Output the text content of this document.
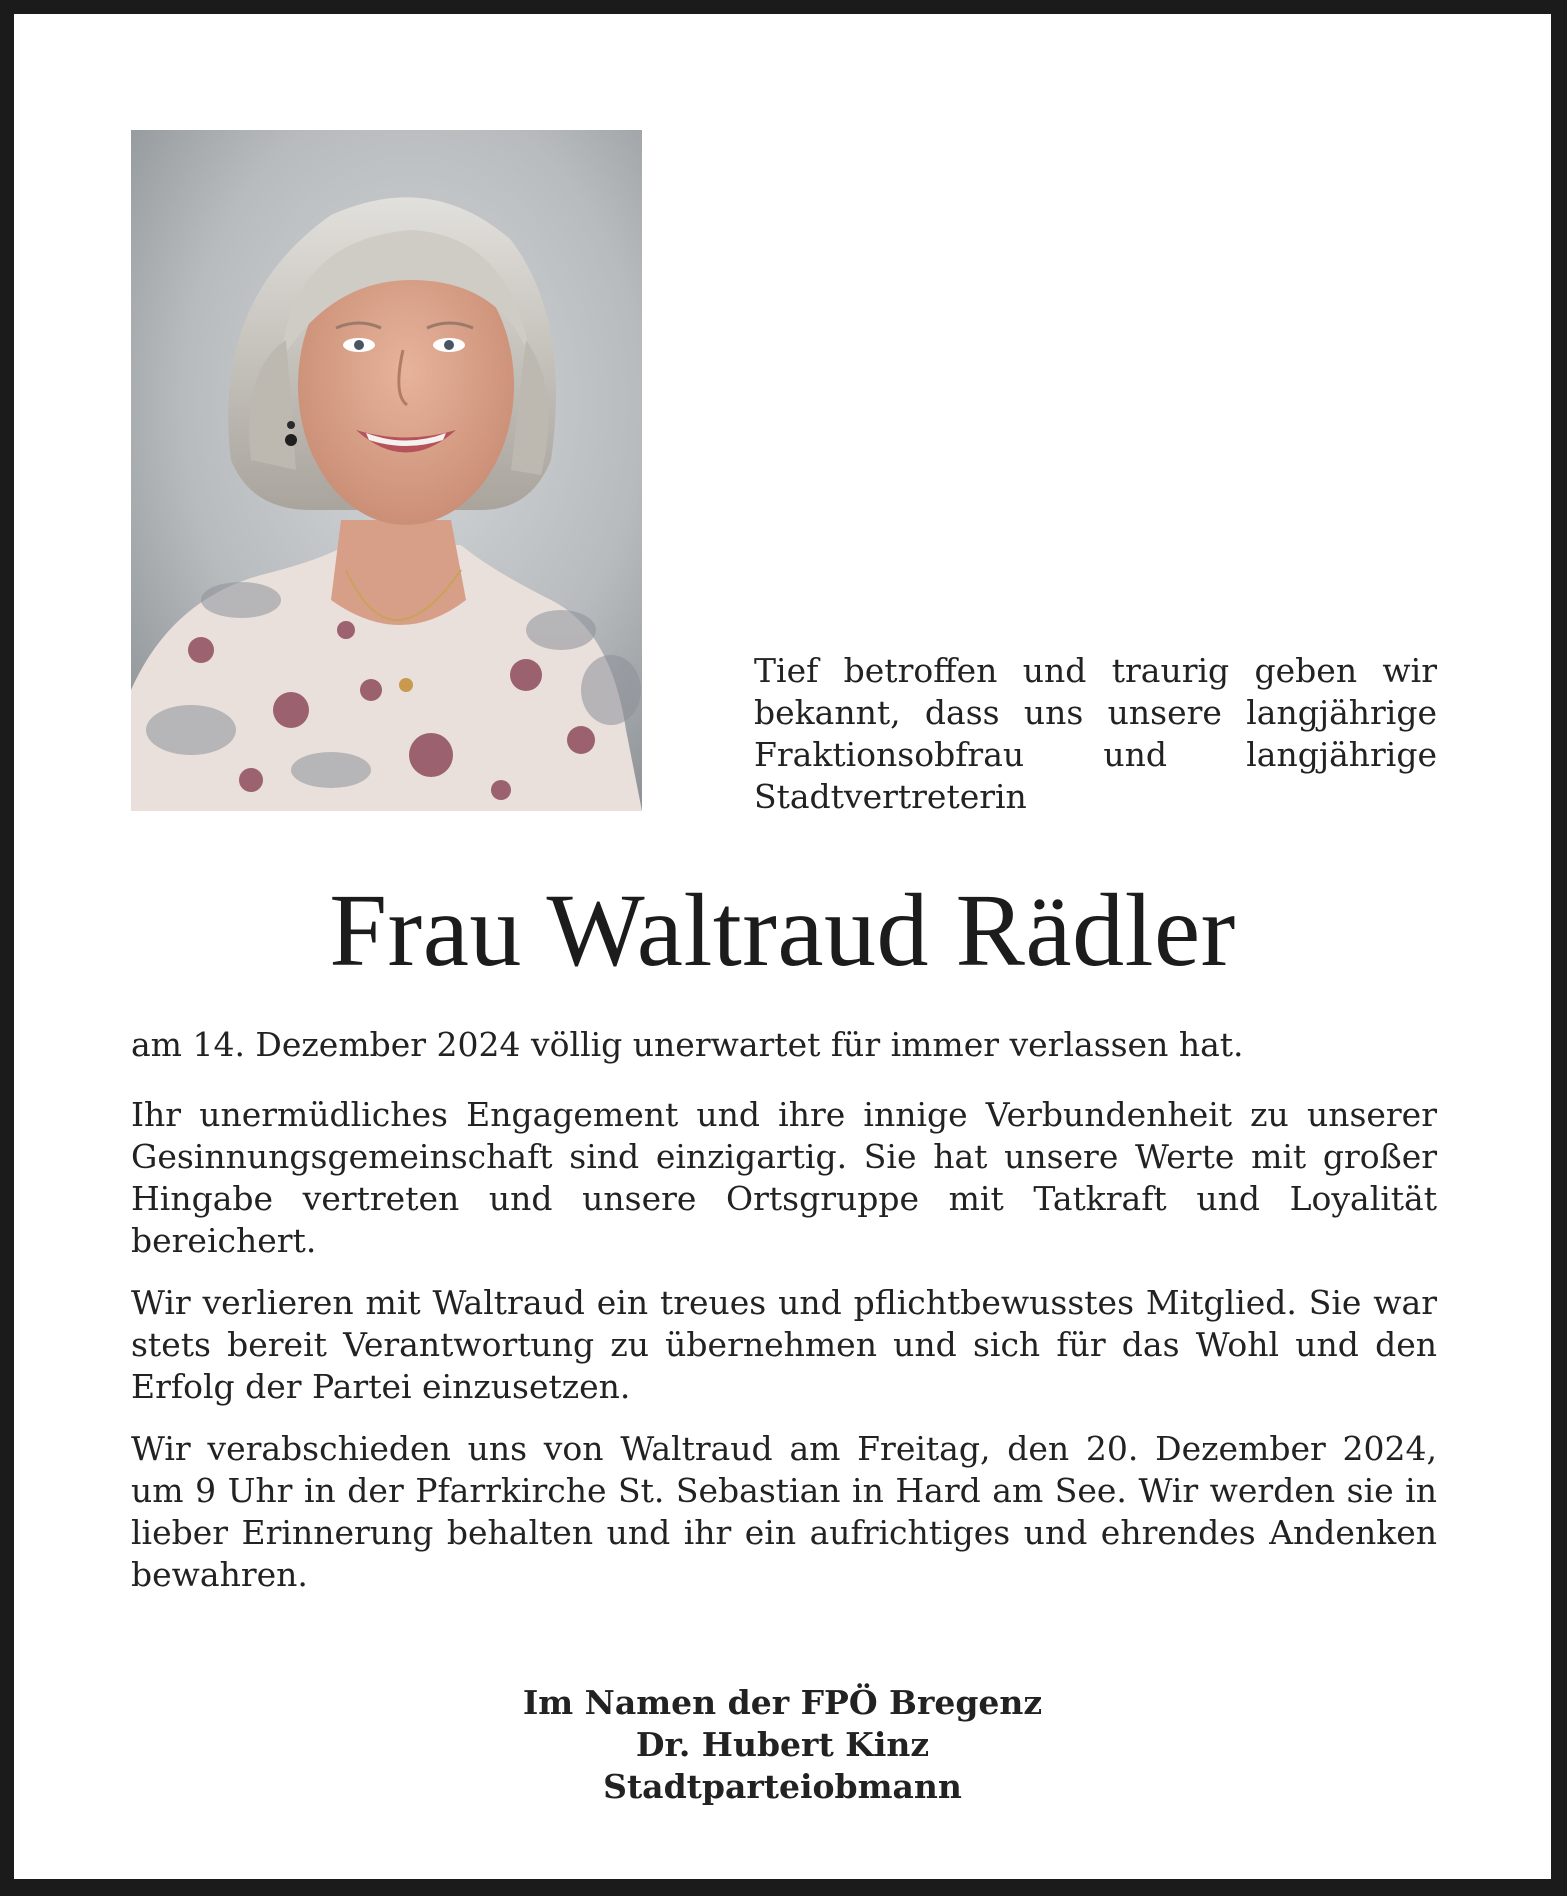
Tief betroffen und traurig geben wir bekannt, dass uns unsere langjährige Fraktionsobfrau und langjährige Stadtvertreterin
Frau Waltraud Rädler

am 14. Dezember 2024 völlig unerwartet für immer verlassen hat.

Ihr unermüdliches Engagement und ihre innige Verbundenheit zu unserer Gesinnungsgemeinschaft sind einzigartig. Sie hat unsere Werte mit großer Hingabe vertreten und unsere Ortsgruppe mit Tatkraft und Loyalität bereichert.

Wir verlieren mit Waltraud ein treues und pflichtbewusstes Mitglied. Sie war stets bereit Verantwortung zu übernehmen und sich für das Wohl und den Erfolg der Partei einzusetzen.

Wir verabschieden uns von Waltraud am Freitag, den 20. Dezember 2024, um 9 Uhr in der Pfarrkirche St. Sebastian in Hard am See. Wir werden sie in lieber Erinnerung behalten und ihr ein aufrichtiges und ehrendes Andenken bewahren.

Im Namen der FPÖ Bregenz
Dr. Hubert Kinz
Stadtparteiobmann
